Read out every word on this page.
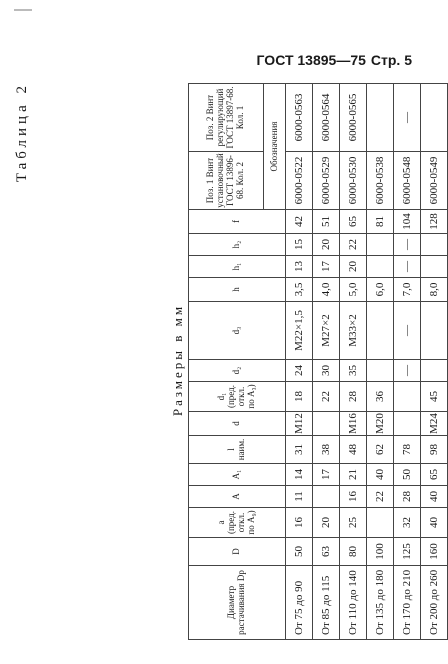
ГОСТ 13895—75 Стр. 5
Таблица 2
Размеры в мм
Диаметр растачивания Dр	D	a (пред. откл. по A₉)	A	A₁	l наим.	d	d₁ (пред. откл. по A₃)	d₂	d₃	h	h₁	h₂	f	Поз. 1 Винт установочный ГОСТ 13896-68. Кол. 2	Поз. 2 Винт регулирующий ГОСТ 13897-68. Кол. 1
														Обозначения	
От 75 до 90	50	16	11	14	31	М12	18	24	М22×1,5	3,5	13	15	42	6000-0522	6000-0563
От 85 до 115	63	20		17	38		22	30	М27×2	4,0	17	20	51	6000-0529	6000-0564
От 110 до 140	80	25	16	21	48	М16	28	35	М33×2	5,0	20	22	65	6000-0530	6000-0565
От 135 до 180	100		22	40	62	М20	36			6,0			81	6000-0538	
От 170 до 210	125	32	28	50	78			—	—	7,0	—	—	104	6000-0548	—
От 200 до 260	160	40	40	65	98	М24	45			8,0			128	6000-0549	
